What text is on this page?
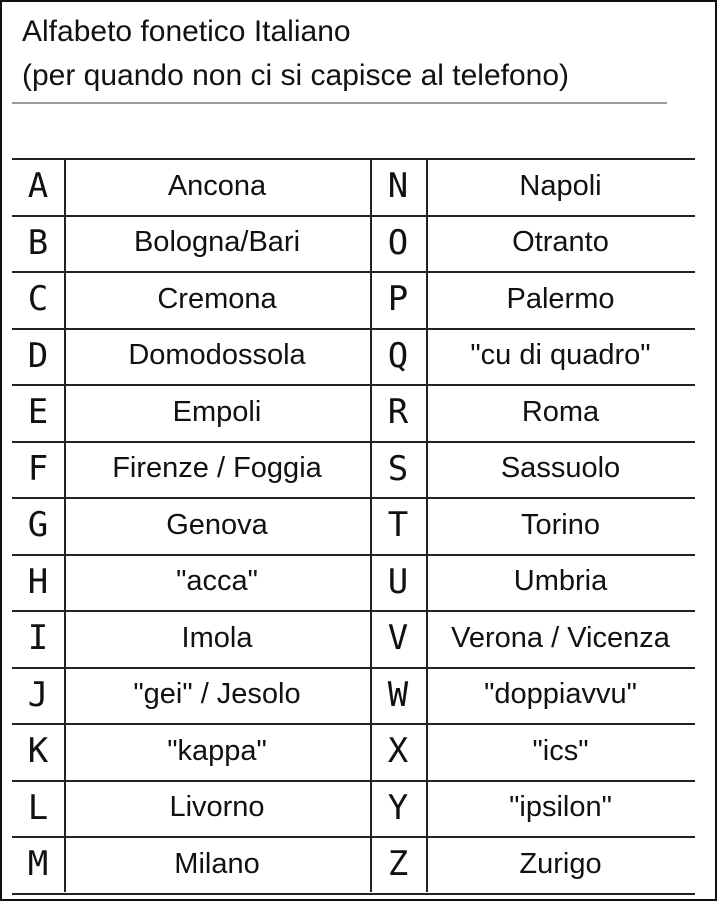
Alfabeto fonetico Italiano
(per quando non ci si capisce al telefono)
A	Ancona	N	Napoli
B	Bologna/Bari	O	Otranto
C	Cremona	P	Palermo
D	Domodossola	Q	"cu di quadro"
E	Empoli	R	Roma
F	Firenze / Foggia	S	Sassuolo
G	Genova	T	Torino
H	"acca"	U	Umbria
I	Imola	V	Verona / Vicenza
J	"gei" / Jesolo	W	"doppiavvu"
K	"kappa"	X	"ics"
L	Livorno	Y	"ipsilon"
M	Milano	Z	Zurigo
